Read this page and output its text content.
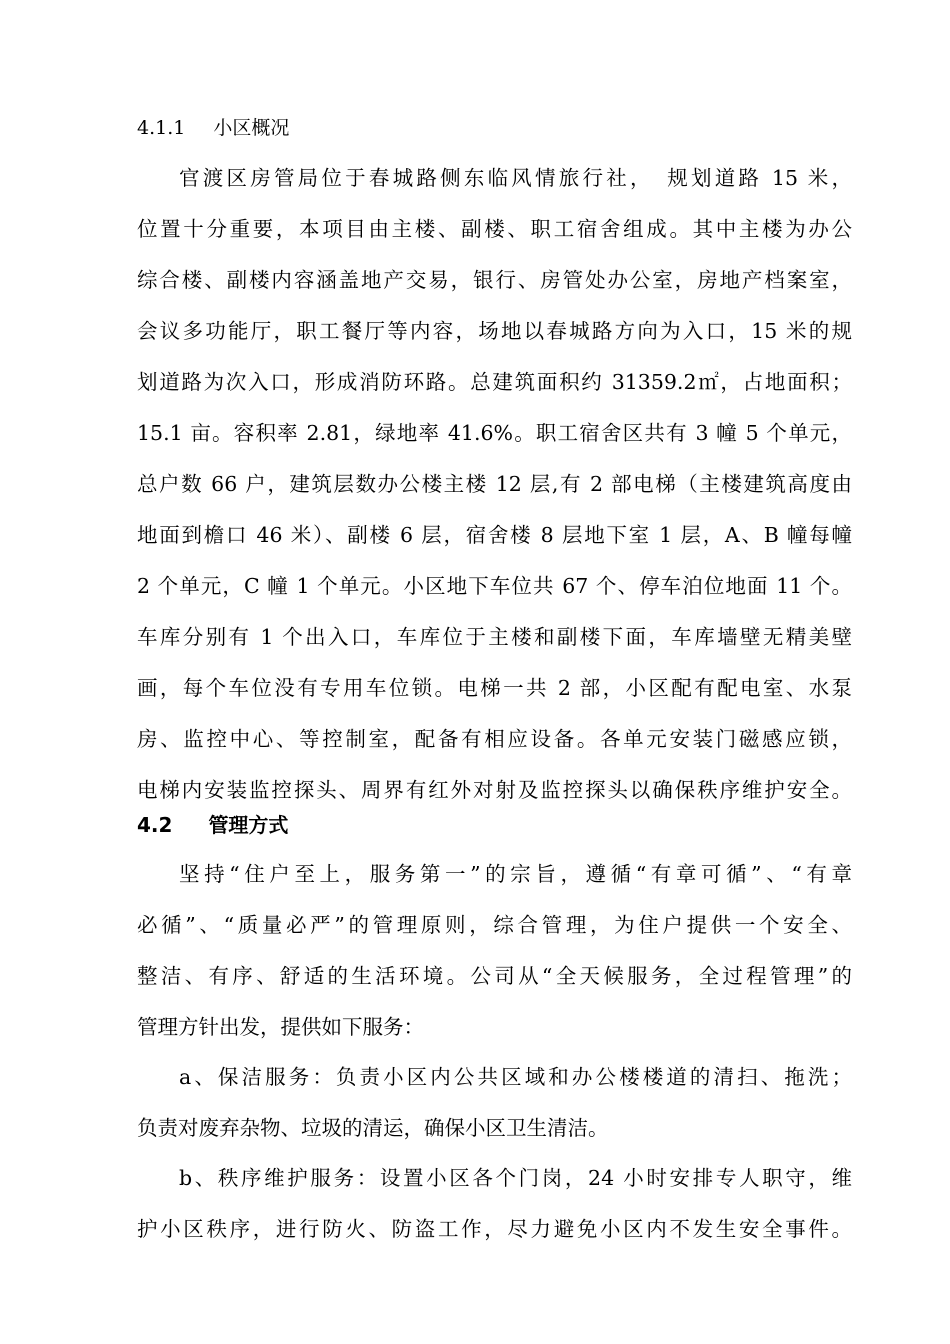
4.1.1 小区概况
官渡区房管局位于春城路侧东临风情旅行社，　规划道路 15 米，
位置十分重要，本项目由主楼、副楼、职工宿舍组成。其中主楼为办公
综合楼、副楼内容涵盖地产交易，银行、房管处办公室，房地产档案室，
会议多功能厅，职工餐厅等内容，场地以春城路方向为入口，15 米的规
划道路为次入口，形成消防环路。总建筑面积约 31359.2㎡，占地面积；
15.1 亩。容积率 2.81，绿地率 41.6%。职工宿舍区共有 3 幢 5 个单元，
总户数 66 户，建筑层数办公楼主楼 12 层,有 2 部电梯（主楼建筑高度由
地面到檐口 46 米）、副楼 6 层，宿舍楼 8 层地下室 1 层，A、B 幢每幢
2 个单元，C 幢 1 个单元。小区地下车位共 67 个、停车泊位地面 11 个。
车库分别有 1 个出入口，车库位于主楼和副楼下面，车库墙壁无精美壁
画，每个车位没有专用车位锁。电梯一共 2 部，小区配有配电室、水泵
房、监控中心、等控制室，配备有相应设备。各单元安装门磁感应锁，
电梯内安装监控探头、周界有红外对射及监控探头以确保秩序维护安全。
4.2 管理方式
坚持“住户至上，服务第一”的宗旨，遵循“有章可循”、“有章
必循”、“质量必严”的管理原则，综合管理，为住户提供一个安全、
整洁、有序、舒适的生活环境。公司从“全天候服务，全过程管理”的
管理方针出发，提供如下服务：
a、保洁服务：负责小区内公共区域和办公楼楼道的清扫、拖洗；
负责对废弃杂物、垃圾的清运，确保小区卫生清洁。
b、秩序维护服务：设置小区各个门岗，24 小时安排专人职守，维
护小区秩序，进行防火、防盗工作，尽力避免小区内不发生安全事件。
